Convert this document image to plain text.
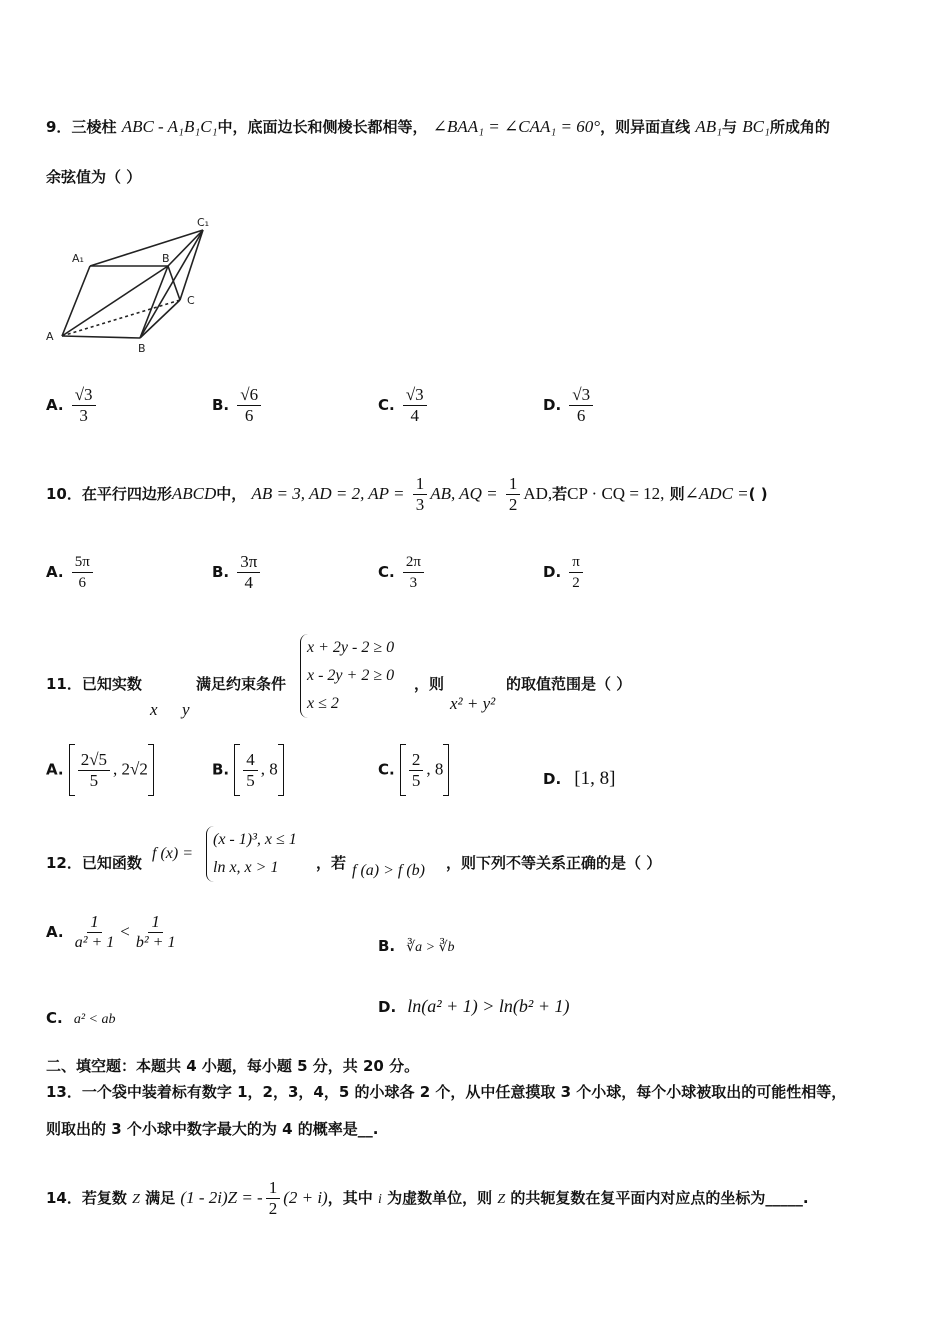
9．三棱柱 ABC - A₁B₁C₁中，底面边长和侧棱长都相等， ∠BAA₁ = ∠CAA₁ = 60°，则异面直线 AB₁与 BC₁所成角的
余弦值为（ ）
A₁	B
C₁
C
A
B
A. $\frac{√3}{3}$	B. $\frac{√6}{6}$	C. $\frac{√3}{4}$	D. $\frac{√3}{6}$
10．在平行四边形ABCD中， AB = 3, AD = 2, AP = $\frac{1}{3}$ AB, AQ = $\frac{1}{2}$ AD,若CP · CQ = 12, 则∠ADC =( )
A. $\frac{5\pi}{6}$	B. $\frac{3\pi}{4}$	C. $\frac{2\pi}{3}$	D. $\frac{\pi}{2}$
11．已知实数
x y
满足约束条件
x + 2y - 2 ≥ 0
x - 2y + 2 ≥ 0
x ≤ 2
，则
x² + y²
的取值范围是（ ）
A. $\frac{2√5}{5}$ , 2√2	B. $\frac{4}{5}$ , 8	C. $\frac{2}{5}$ , 8
D. [1, 8]
12．已知函数
f (x) =
(x - 1)³, x ≤ 1
ln x, x > 1	，若 f (a) > f (b) ，则下列不等关系正确的是（ ）
A. $\frac{1}{\text{a² + 1}} < \frac{1}{\text{b² + 1}}$	B. ∛a > ∛b
C. a² < ab
D. ln(a² + 1) > ln(b² + 1)
二、填空题：本题共 4 小题，每小题 5 分，共 20 分。
13．一个袋中装着标有数字 1，2，3，4，5 的小球各 2 个，从中任意摸取 3 个小球，每个小球被取出的可能性相等，
则取出的 3 个小球中数字最大的为 4 的概率是__.
14．若复数 Z 满足 (1 - 2i)Z = - $\frac{1}{2} (2 + i)$，其中 i 为虚数单位，则 Z 的共轭复数在复平面内对应点的坐标为_____.
